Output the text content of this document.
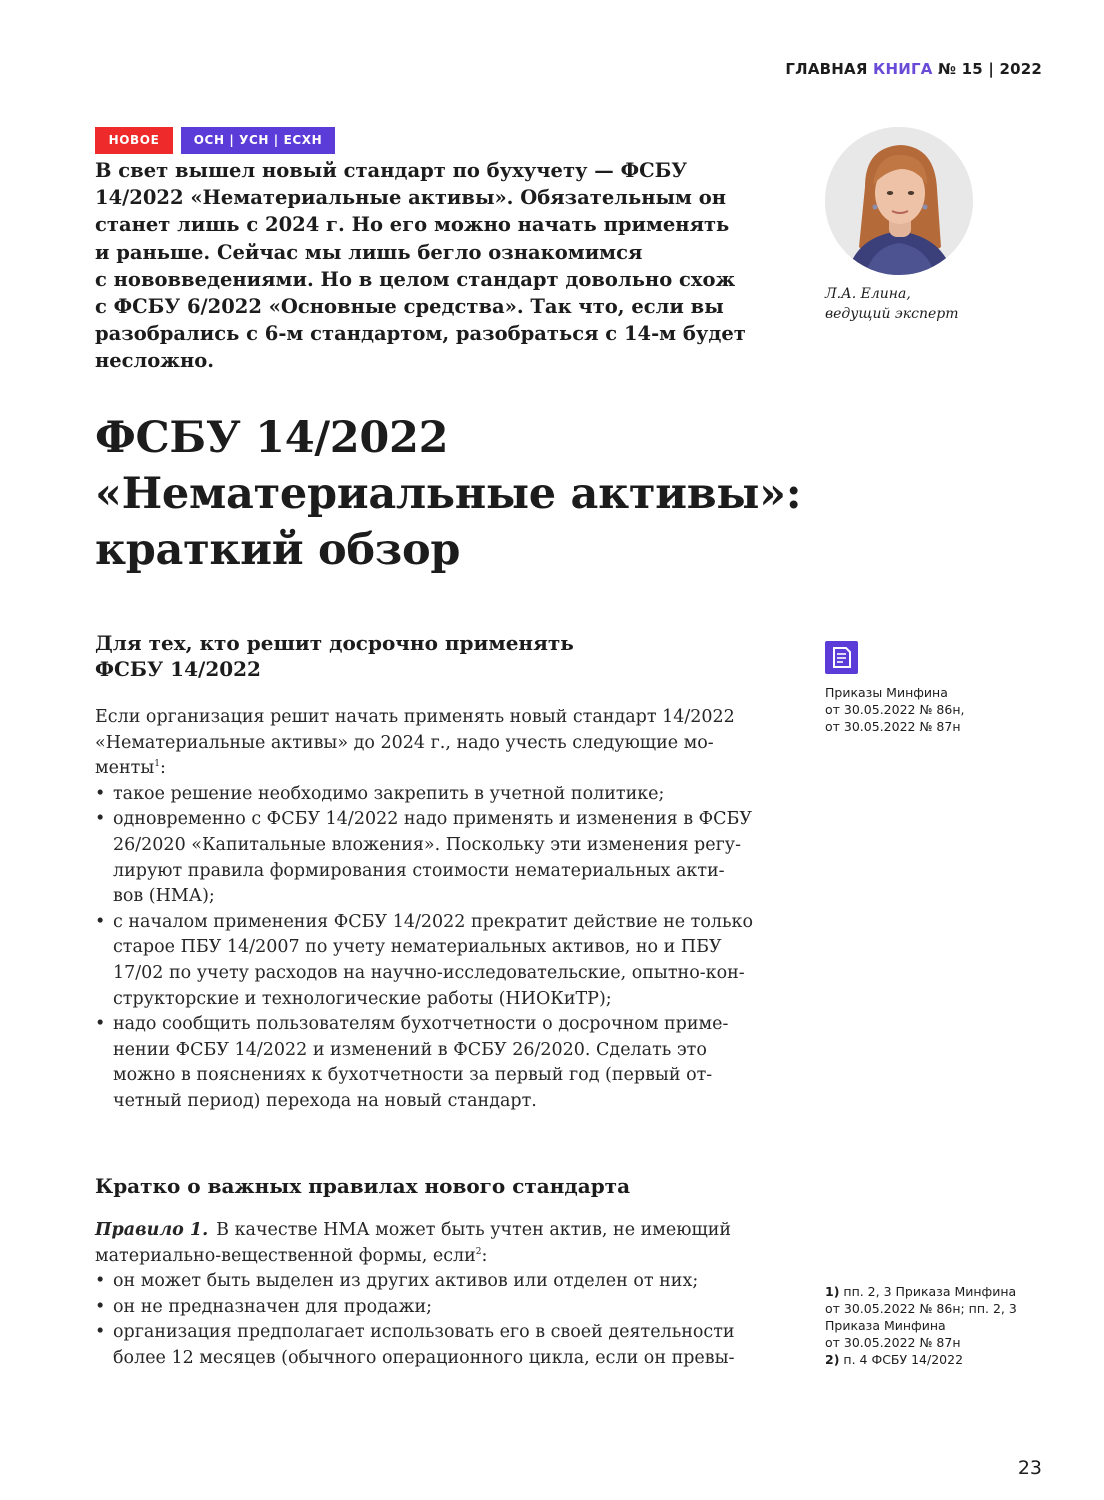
ГЛАВНАЯ КНИГА № 15 | 2022
НОВОЕ	ОСН | УСН | ЕСХН
В свет вышел новый стандарт по бухучету — ФСБУ
14/2022 «Нематериальные активы». Обязательным он
станет лишь с 2024 г. Но его можно начать применять
и раньше. Сейчас мы лишь бегло ознакомимся
с нововведениями. Но в целом стандарт довольно схож
с ФСБУ 6/2022 «Основные средства». Так что, если вы
разобрались с 6-м стандартом, разобраться с 14-м будет
несложно.
Л.А. Елина,
ведущий эксперт
ФСБУ 14/2022
«Нематериальные активы»:
краткий обзор
Для тех, кто решит досрочно применять
ФСБУ 14/2022
Если организация решит начать применять новый стандарт 14/2022
«Нематериальные активы» до 2024 г., надо учесть следующие мо-
менты$^1$:
• такое решение необходимо закрепить в учетной политике;
• одновременно с ФСБУ 14/2022 надо применять и изменения в ФСБУ
26/2020 «Капитальные вложения». Поскольку эти изменения регу-
лируют правила формирования стоимости нематериальных акти-
вов (НМА);
• с началом применения ФСБУ 14/2022 прекратит действие не только
старое ПБУ 14/2007 по учету нематериальных активов, но и ПБУ
17/02 по учету расходов на научно-исследовательские, опытно-кон-
структорские и технологические работы (НИОКиТР);
• надо сообщить пользователям бухотчетности о досрочном приме-
нении ФСБУ 14/2022 и изменений в ФСБУ 26/2020. Сделать это
можно в пояснениях к бухотчетности за первый год (первый от-
четный период) перехода на новый стандарт.
Кратко о важных правилах нового стандарта
Правило 1. В качестве НМА может быть учтен актив, не имеющий
материально-вещественной формы, если$^2$:
• он может быть выделен из других активов или отделен от них;
• он не предназначен для продажи;
• организация предполагает использовать его в своей деятельности
более 12 месяцев (обычного операционного цикла, если он превы-
Приказы Минфина
от 30.05.2022 № 86н,
от 30.05.2022 № 87н
1) пп. 2, 3 Приказа Минфина
от 30.05.2022 № 86н; пп. 2, 3
Приказа Минфина
от 30.05.2022 № 87н
2) п. 4 ФСБУ 14/2022
23
